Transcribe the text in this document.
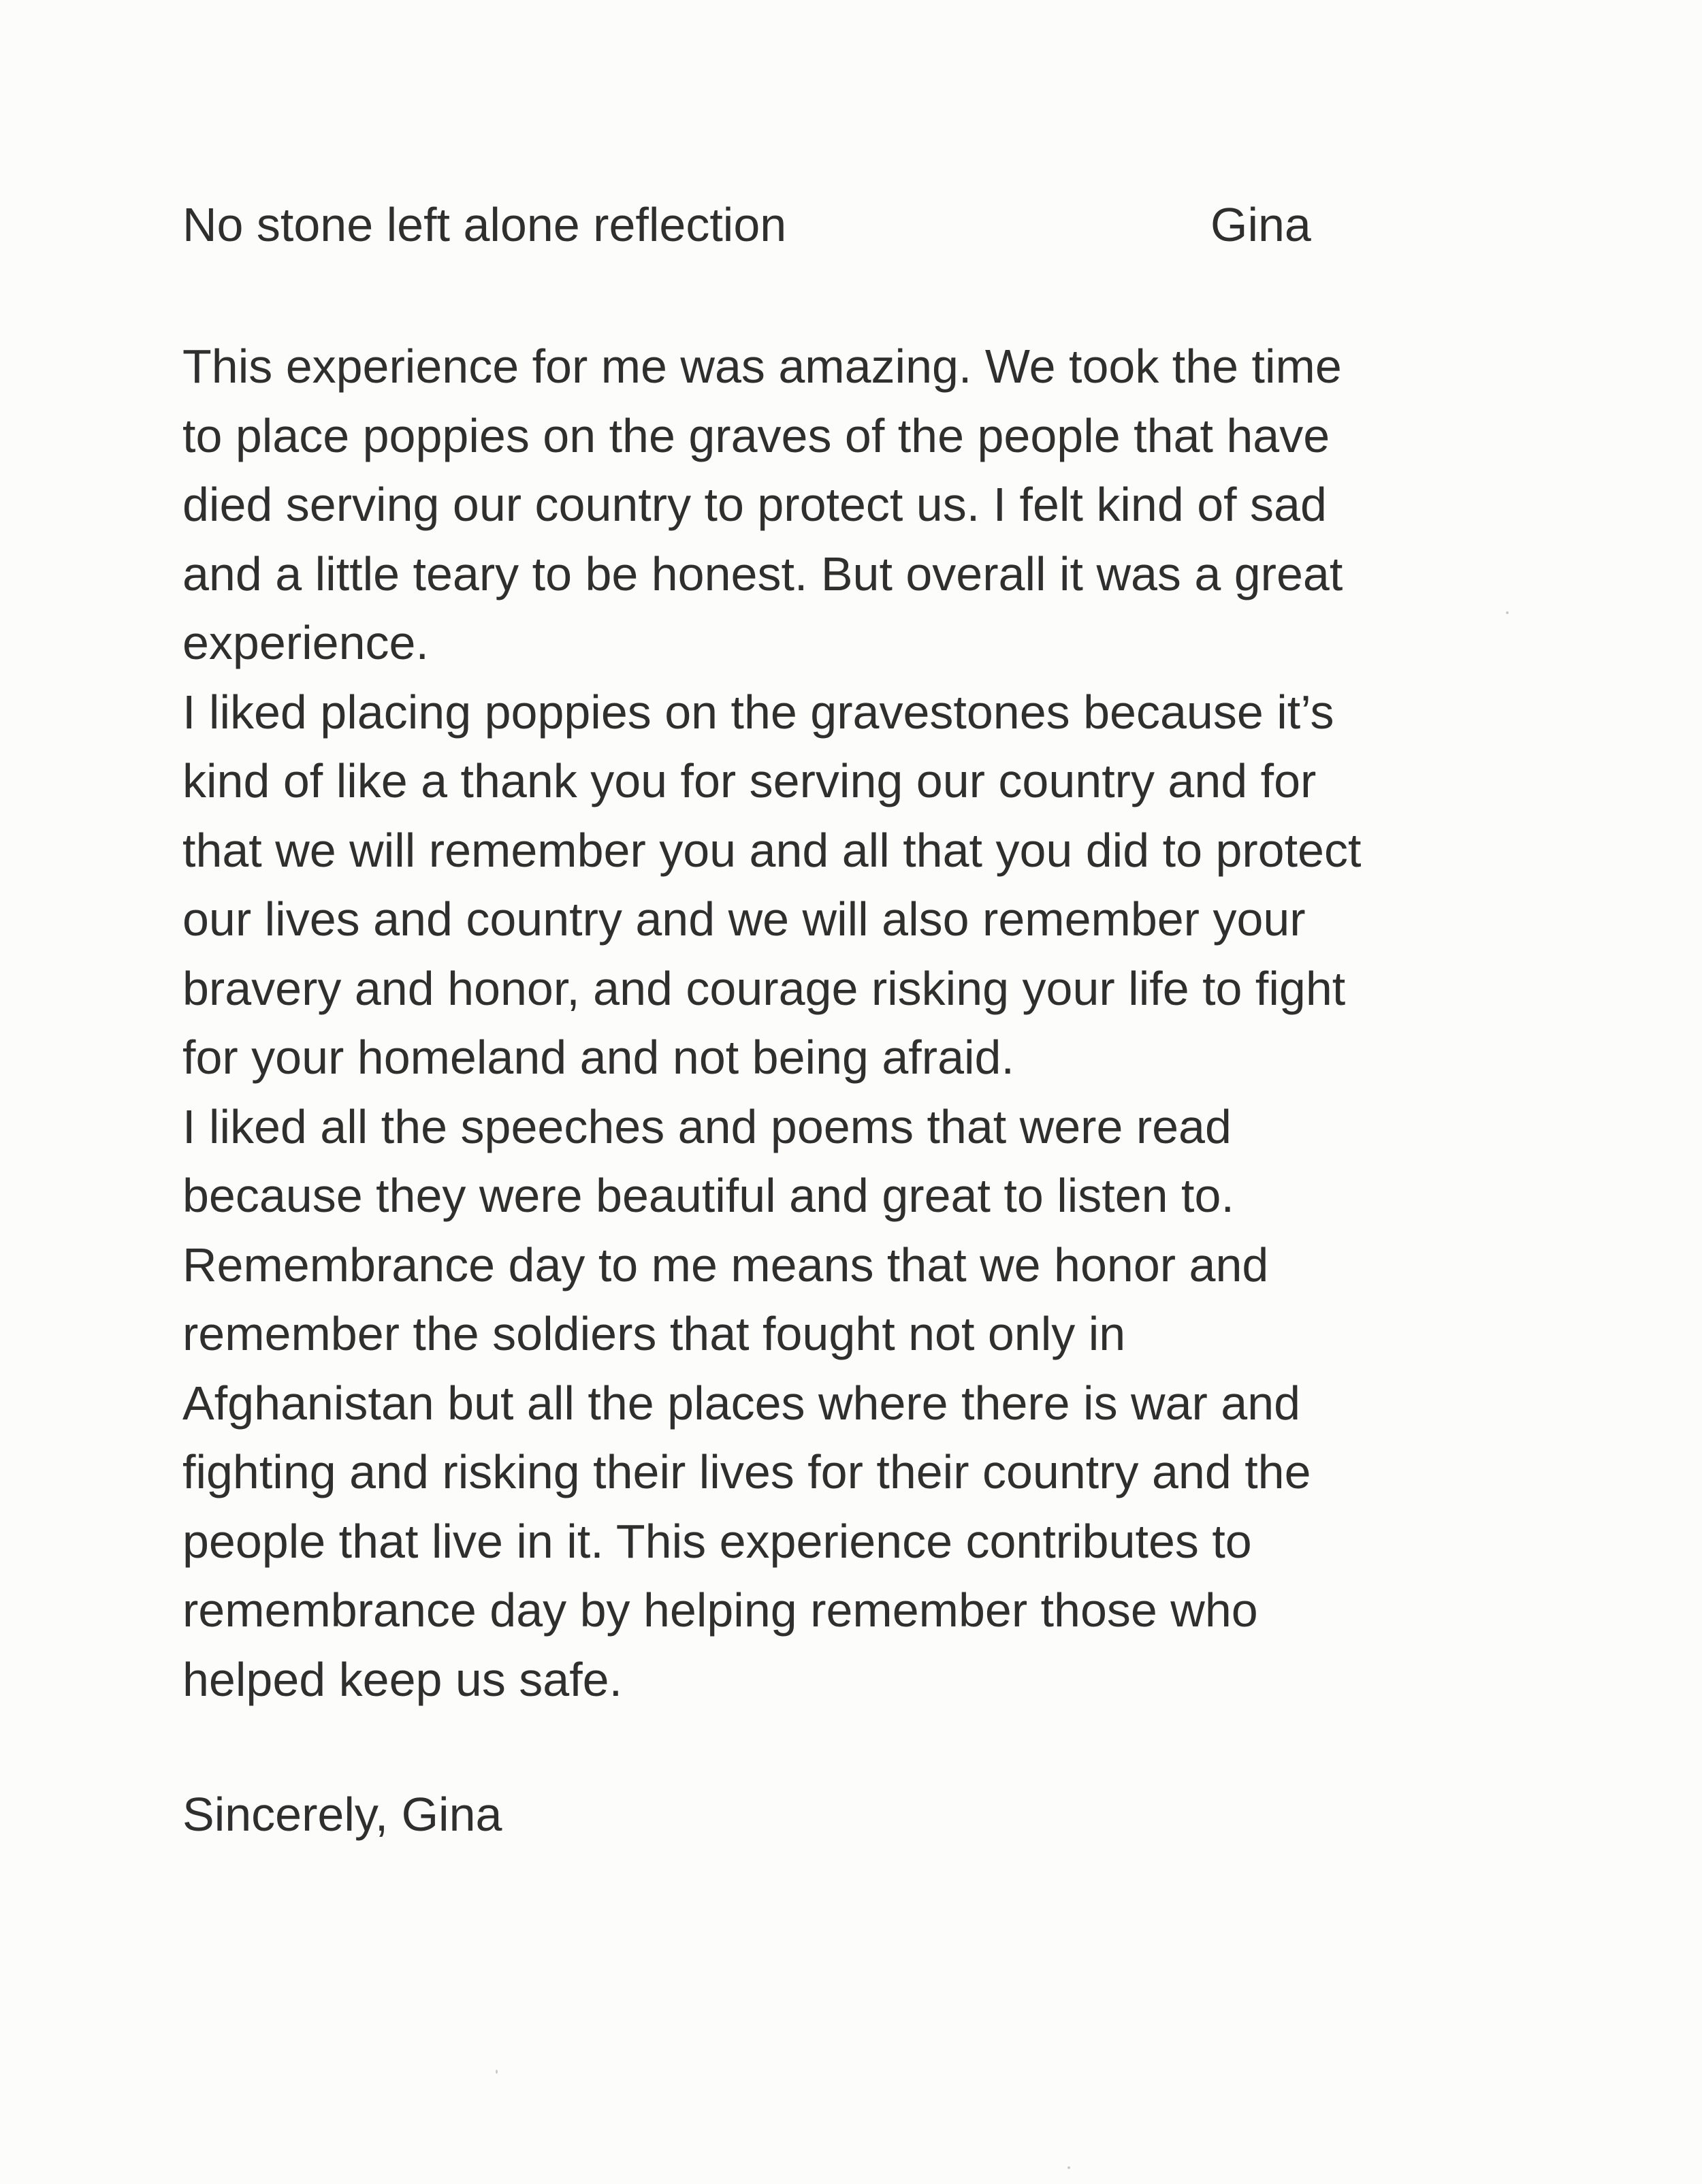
No stone left alone reflection	Gina
This experience for me was amazing. We took the time
to place poppies on the graves of the people that have
died serving our country to protect us. I felt kind of sad
and a little teary to be honest. But overall it was a great
experience.
I liked placing poppies on the gravestones because it’s
kind of like a thank you for serving our country and for
that we will remember you and all that you did to protect
our lives and country and we will also remember your
bravery and honor, and courage risking your life to fight
for your homeland and not being afraid.
I liked all the speeches and poems that were read
because they were beautiful and great to listen to.
Remembrance day to me means that we honor and
remember the soldiers that fought not only in
Afghanistan but all the places where there is war and
fighting and risking their lives for their country and the
people that live in it. This experience contributes to
remembrance day by helping remember those who
helped keep us safe.
Sincerely, Gina
